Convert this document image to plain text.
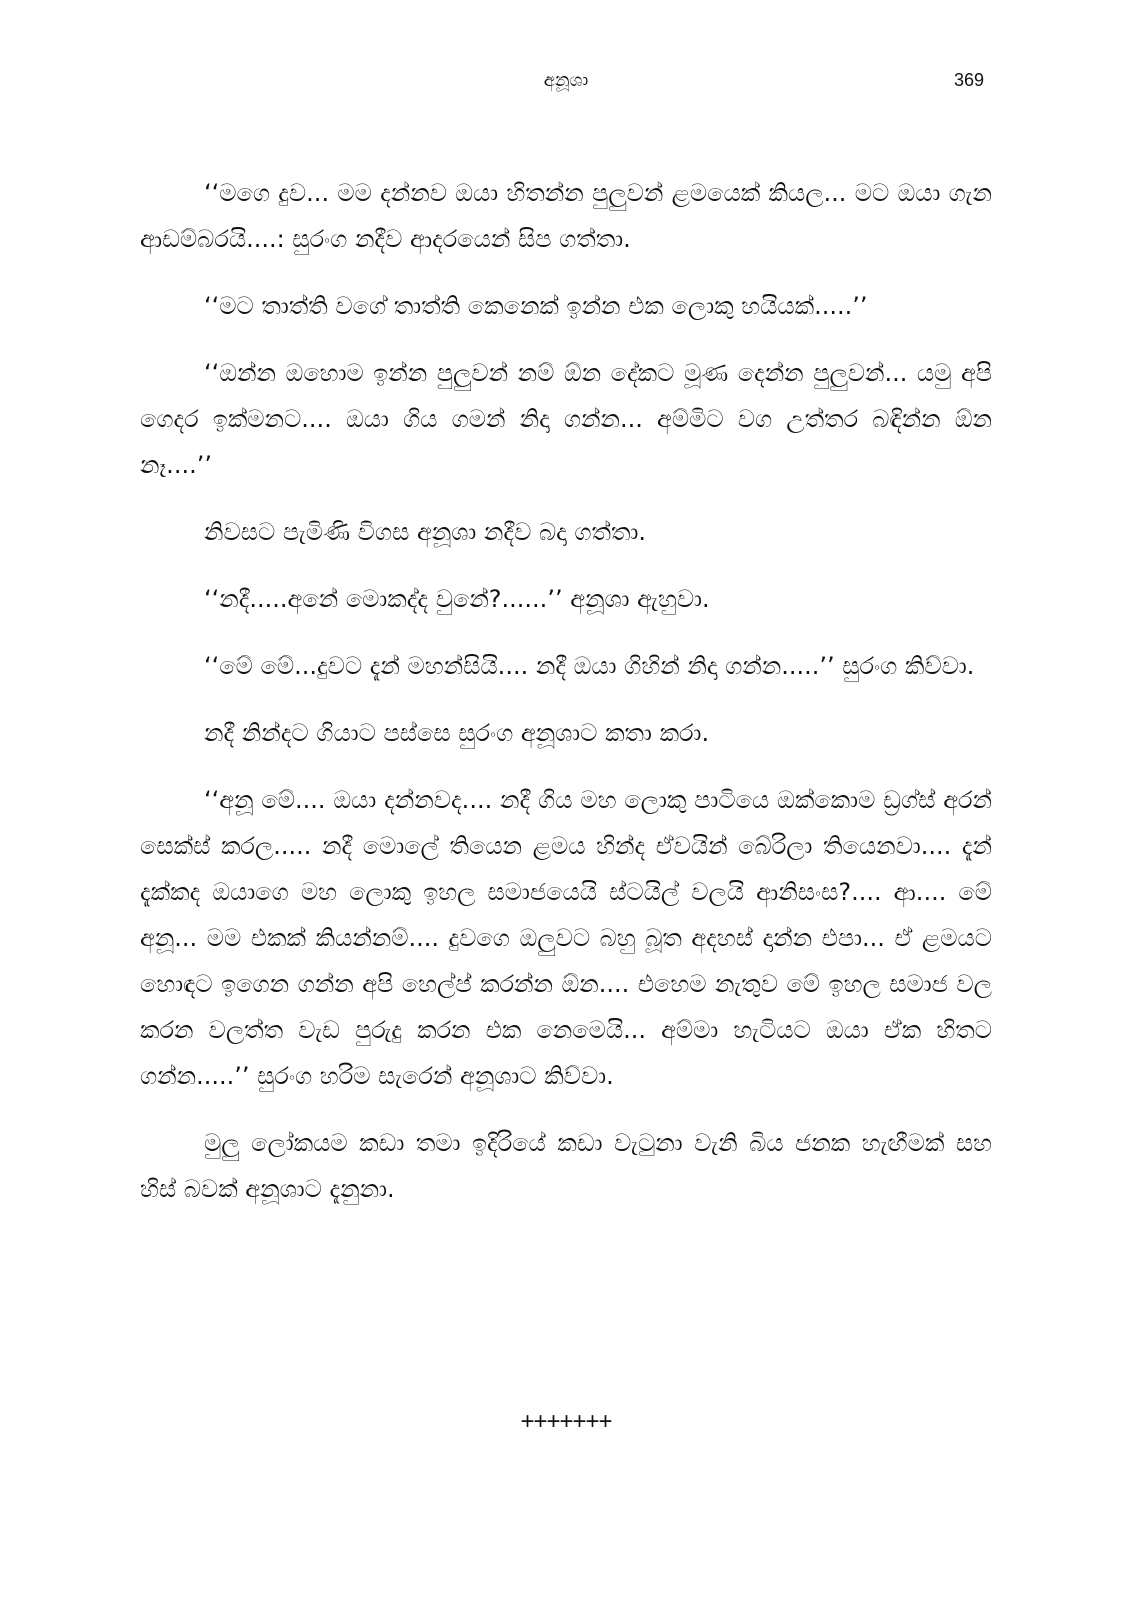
අනූශා	369

‘‘මගෙ දුව... මම දන්නව ඔයා හිතන්න පුලුවන් ළමයෙක් කියල... මට ඔයා ගැන ආඩම්බරයි....: සුරංග නදීව ආදරයෙන් සිප ගත්තා.

‘‘මට තාත්ති වගේ තාත්ති කෙනෙක් ඉන්න එක ලොකු හයියක්.....’’

‘‘ඔන්න ඔහොම ඉන්න පුලුවන් නම් ඕන දේකට මූණ දෙන්න පුලුවන්... යමු අපි ගෙදර ඉක්මනට.... ඔයා ගිය ගමන් නිදා ගන්න... අම්මිට වග උත්තර බඳින්න ඕන නෑ....’’

නිවසට පැමිණි විගස අනූශා නදීව බදා ගත්තා.

‘‘නදී.....අනේ මොකද්ද වුනේ?......’’ අනූශා ඇහුවා.

‘‘මේ මේ...දුවට දැන් මහන්සියි.... නදී ඔයා ගිහින් නිදා ගන්න.....’’ සුරංග කිව්වා.

නදී නින්දට ගියාට පස්සෙ සුරංග අනූශාට කතා කරා.

‘‘අනූ මේ.... ඔයා දන්නවද.... නදී ගිය මහ ලොකු පාටියෙ ඔක්කොම ඩ්‍රග්ස් අරන් සෙක්ස් කරල..... නදී මොලේ තියෙන ළමය හින්ද ඒවයින් බේරිලා තියෙනවා.... දැන් දැක්කද ඔයාගෙ මහ ලොකු ඉහල සමාජයෙයි ස්ටයිල් වලයි ආනිසංස?.... ආ.... මේ අනූ... මම එකක් කියන්නම්.... දුවගෙ ඔලුවට බහු බූත අදහස් දාන්න එපා... ඒ ළමයට හොඳට ඉගෙන ගන්න අපි හෙල්ප් කරන්න ඕන.... එහෙම නැතුව මේ ඉහල සමාජ වල කරන වලත්ත වැඩ පුරුදු කරන එක නෙමෙයි... අම්මා හැටියට ඔයා ඒක හිතට ගන්න.....’’ සුරංග හරිම සැරෙන් අනූශාට කිව්වා.

මුලු ලෝකයම කඩා තමා ඉදිරියේ කඩා වැටුනා වැනි බිය ජනක හැඟීමක් සහ හිස් බවක් අනූශාට දැනුනා.

+++++++
